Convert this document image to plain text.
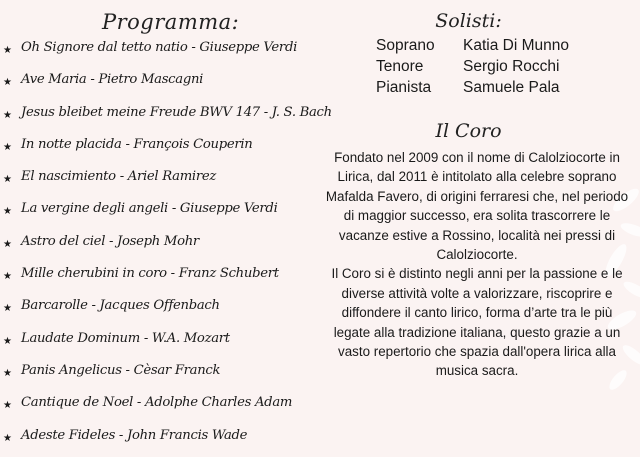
Programma:
★ Oh Signore dal tetto natio - Giuseppe Verdi
★ Ave Maria - Pietro Mascagni
★ Jesus bleibet meine Freude BWV 147 - J. S. Bach
★ In notte placida - François Couperin
★ El nascimiento - Ariel Ramirez
★ La vergine degli angeli - Giuseppe Verdi
★ Astro del ciel - Joseph Mohr
★ Mille cherubini in coro - Franz Schubert
★ Barcarolle - Jacques Offenbach
★ Laudate Dominum - W.A. Mozart
★ Panis Angelicus - Cèsar Franck
★ Cantique de Noel - Adolphe Charles Adam
★ Adeste Fideles - John Francis Wade
Solisti:
Soprano Katia Di Munno
Tenore	Sergio Rocchi
Pianista Samuele Pala
Il Coro

Fondato nel 2009 con il nome di Calolziocorte in Lirica, dal 2011 è intitolato alla celebre soprano Mafalda Favero, di origini ferraresi che, nel periodo di maggior successo, era solita trascorrere le vacanze estive a Rossino, località nei pressi di Calolziocorte.

Il Coro si è distinto negli anni per la passione e le diverse attività volte a valorizzare, riscoprire e diffondere il canto lirico, forma d’arte tra le più legate alla tradizione italiana, questo grazie a un vasto repertorio che spazia dall'opera lirica alla musica sacra.
